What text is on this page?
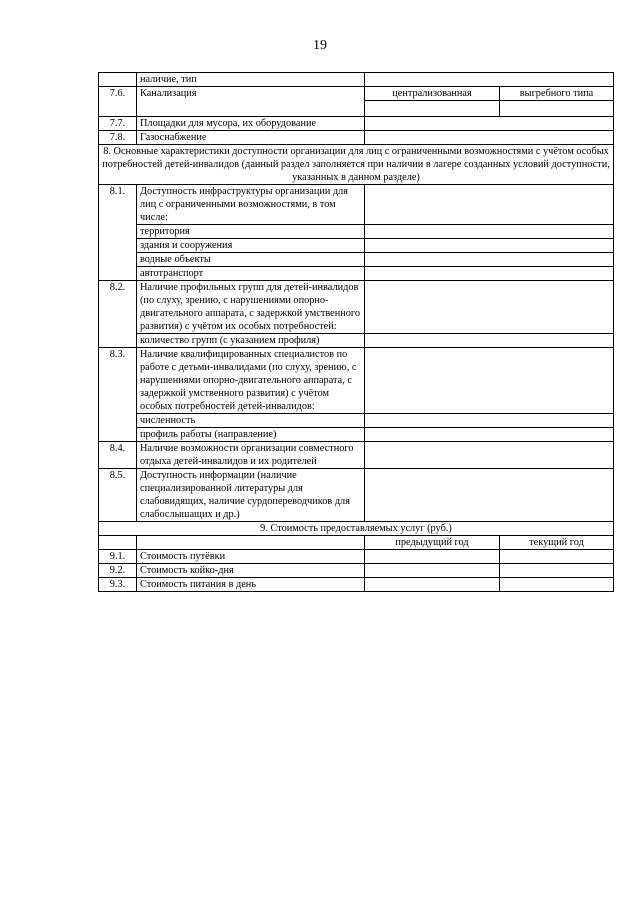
19
	наличие, тип		
7.6.	Канализация	централизованная	выгребного типа

7.7.	Площадки для мусора, их оборудование		
7.8.	Газоснабжение		
8. Основные характеристики доступности организации для лиц с ограниченными возможностями с учётом особых потребностей детей-инвалидов (данный раздел заполняется при наличии в лагере созданных условий доступности, указанных в данном разделе)			
8.1.	Доступность инфраструктуры организации для лиц с ограниченными возможностями, в том числе:		
	территория		
	здания и сооружения		
	водные объекты		
	автотранспорт		
8.2.	Наличие профильных групп для детей-инвалидов (по слуху, зрению, с нарушениями опорно-двигательного аппарата, с задержкой умственного развития) с учётом их особых потребностей:		
	количество групп (с указанием профиля)		
8.3.	Наличие квалифицированных специалистов по работе с детьми-инвалидами (по слуху, зрению, с нарушениями опорно-двигательного аппарата, с задержкой умственного развития) с учётом особых потребностей детей-инвалидов:		
	численность		
	профиль работы (направление)		
8.4.	Наличие возможности организации совместного отдыха детей-инвалидов и их родителей		
8.5.	Доступность информации (наличие специализированной литературы для слабовидящих, наличие сурдопереводчиков для слабослышащих и др.)		
9. Стоимость предоставляемых услуг (руб.)			
		предыдущий год	текущий год
9.1.	Стоимость путёвки		
9.2.	Стоимость койко-дня		
9.3.	Стоимость питания в день		
